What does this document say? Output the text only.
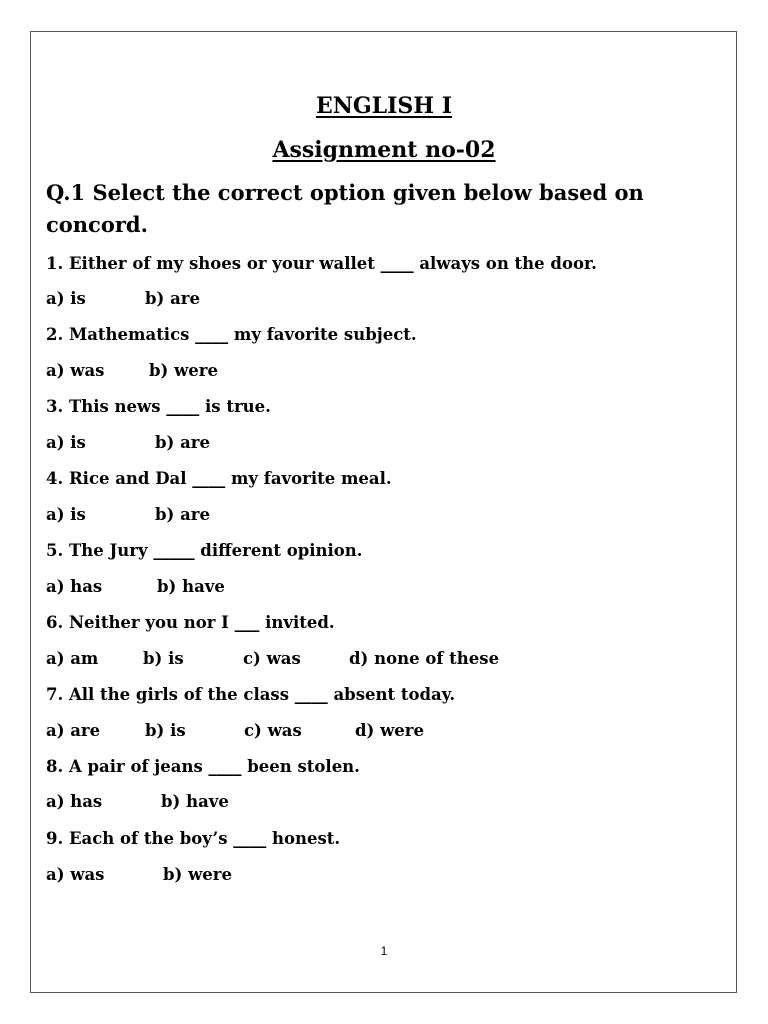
ENGLISH I
Assignment no-02
Q.1 Select the correct option given below based on concord.
1. Either of my shoes or your wallet ____ always on the door.
a) is	b) are
2. Mathematics ____ my favorite subject.
a) was	b) were
3. This news ____ is true.
a) is	b) are
4. Rice and Dal ____ my favorite meal.
a) is	b) are
5. The Jury _____ different opinion.
a) has	b) have
6. Neither you nor I ___ invited.
a) am	b) is	c) was	d) none of these
7. All the girls of the class ____ absent today.
a) are	b) is	c) was	d) were
8. A pair of jeans ____ been stolen.
a) has	b) have
9. Each of the boy’s ____ honest.
a) was	b) were
1
